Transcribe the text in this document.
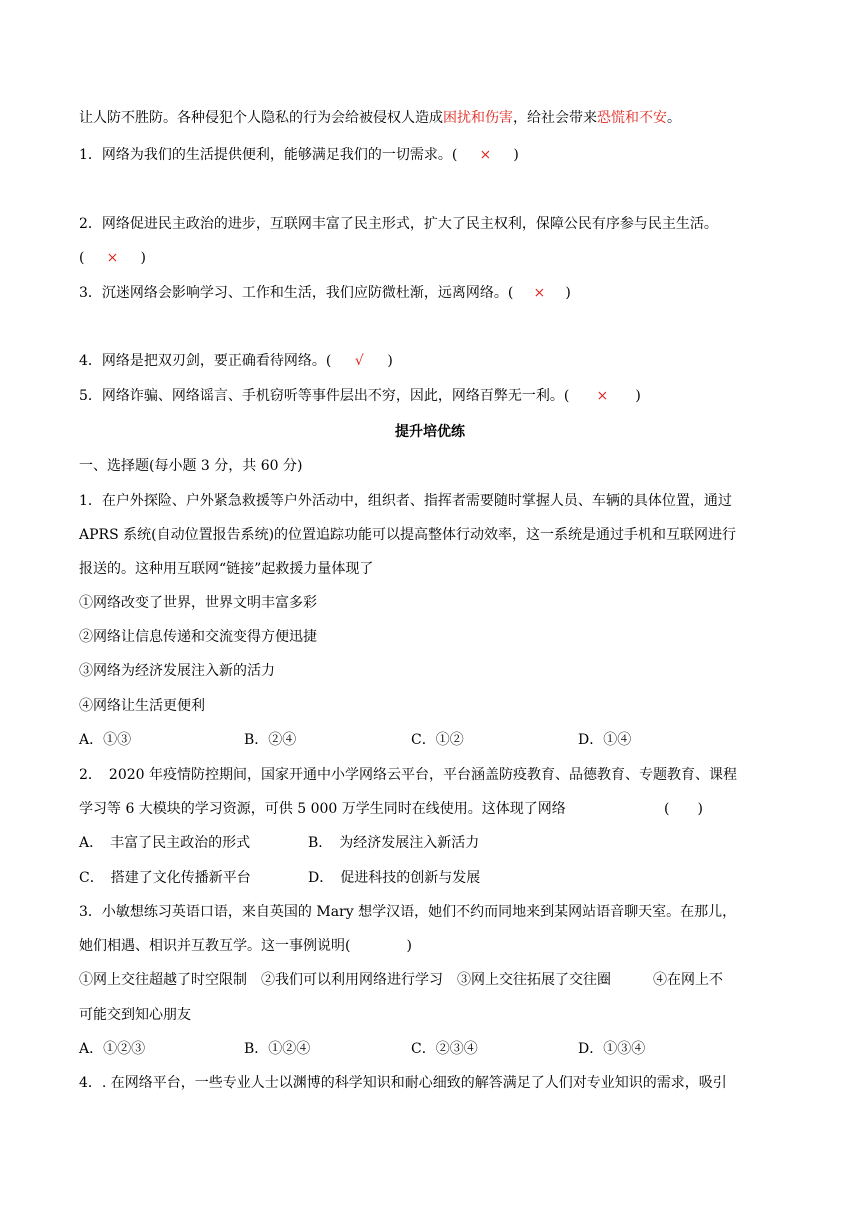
让人防不胜防。各种侵犯个人隐私的行为会给被侵权人造成困扰和伤害，给社会带来恐慌和不安。
1．网络为我们的生活提供便利，能够满足我们的一切需求。( × )
2．网络促进民主政治的进步，互联网丰富了民主形式，扩大了民主权利，保障公民有序参与民主生活。
( × )
3．沉迷网络会影响学习、工作和生活，我们应防微杜渐，远离网络。( × )
4．网络是把双刃剑，要正确看待网络。( √ )
5．网络诈骗、网络谣言、手机窃听等事件层出不穷，因此，网络百弊无一利。( × )
提升培优练
一、选择题(每小题 3 分，共 60 分)
1．在户外探险、户外紧急救援等户外活动中，组织者、指挥者需要随时掌握人员、车辆的具体位置，通过
APRS 系统(自动位置报告系统)的位置追踪功能可以提高整体行动效率，这一系统是通过手机和互联网进行
报送的。这种用互联网“链接”起救援力量体现了
①网络改变了世界，世界文明丰富多彩
②网络让信息传递和交流变得方便迅捷
③网络为经济发展注入新的活力
④网络让生活更便利
A．①③	B．②④	C．①②	D．①④
2．　2020 年疫情防控期间，国家开通中小学网络云平台，平台涵盖防疫教育、品德教育、专题教育、课程
学习等 6 大模块的学习资源，可供 5 000 万学生同时在线使用。这体现了网络	(　　)
A．　丰富了民主政治的形式	B．　为经济发展注入新活力
C．　搭建了文化传播新平台	D．　促进科技的创新与发展
3．小敏想练习英语口语，来自英国的 Mary 想学汉语，她们不约而同地来到某网站语音聊天室。在那儿，
她们相遇、相识并互教互学。这一事例说明(　　　　)
①网上交往超越了时空限制　②我们可以利用网络进行学习　③网上交往拓展了交往圈　　　④在网上不
可能交到知心朋友
A．①②③	B．①②④	C．②③④	D．①③④
4．. 在网络平台，一些专业人士以渊博的科学知识和耐心细致的解答满足了人们对专业知识的需求，吸引
